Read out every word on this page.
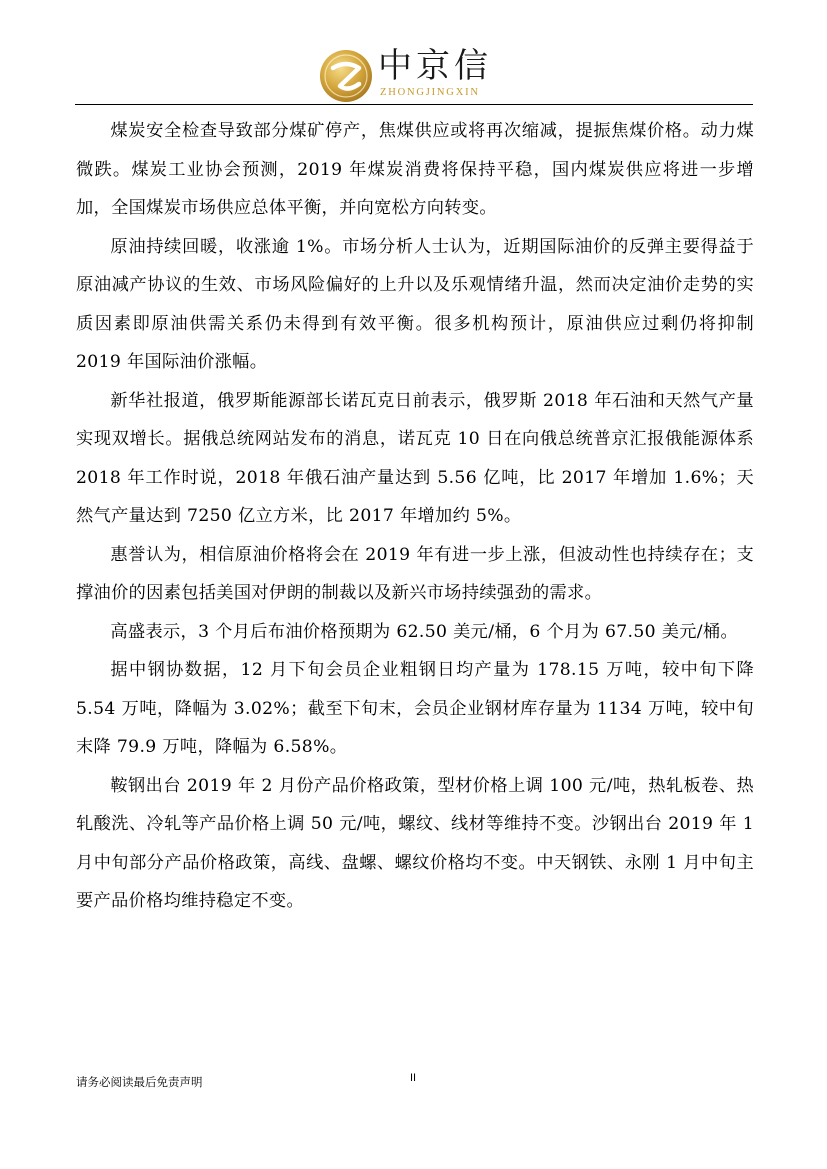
中京信
ZHONGJINGXIN

煤炭安全检查导致部分煤矿停产，焦煤供应或将再次缩减，提振焦煤价格。动力煤微跌。煤炭工业协会预测，2019 年煤炭消费将保持平稳，国内煤炭供应将进一步增加，全国煤炭市场供应总体平衡，并向宽松方向转变。

原油持续回暖，收涨逾 1%。市场分析人士认为，近期国际油价的反弹主要得益于原油减产协议的生效、市场风险偏好的上升以及乐观情绪升温，然而决定油价走势的实质因素即原油供需关系仍未得到有效平衡。很多机构预计，原油供应过剩仍将抑制 2019 年国际油价涨幅。

新华社报道，俄罗斯能源部长诺瓦克日前表示，俄罗斯 2018 年石油和天然气产量实现双增长。据俄总统网站发布的消息，诺瓦克 10 日在向俄总统普京汇报俄能源体系 2018 年工作时说，2018 年俄石油产量达到 5.56 亿吨，比 2017 年增加 1.6%；天然气产量达到 7250 亿立方米，比 2017 年增加约 5%。

惠誉认为，相信原油价格将会在 2019 年有进一步上涨，但波动性也持续存在；支撑油价的因素包括美国对伊朗的制裁以及新兴市场持续强劲的需求。

高盛表示，3 个月后布油价格预期为 62.50 美元/桶，6 个月为 67.50 美元/桶。

据中钢协数据，12 月下旬会员企业粗钢日均产量为 178.15 万吨，较中旬下降 5.54 万吨，降幅为 3.02%；截至下旬末，会员企业钢材库存量为 1134 万吨，较中旬末降 79.9 万吨，降幅为 6.58%。

鞍钢出台 2019 年 2 月份产品价格政策，型材价格上调 100 元/吨，热轧板卷、热轧酸洗、冷轧等产品价格上调 50 元/吨，螺纹、线材等维持不变。沙钢出台 2019 年 1 月中旬部分产品价格政策，高线、盘螺、螺纹价格均不变。中天钢铁、永刚 1 月中旬主要产品价格均维持稳定不变。

请务必阅读最后免责声明	II
